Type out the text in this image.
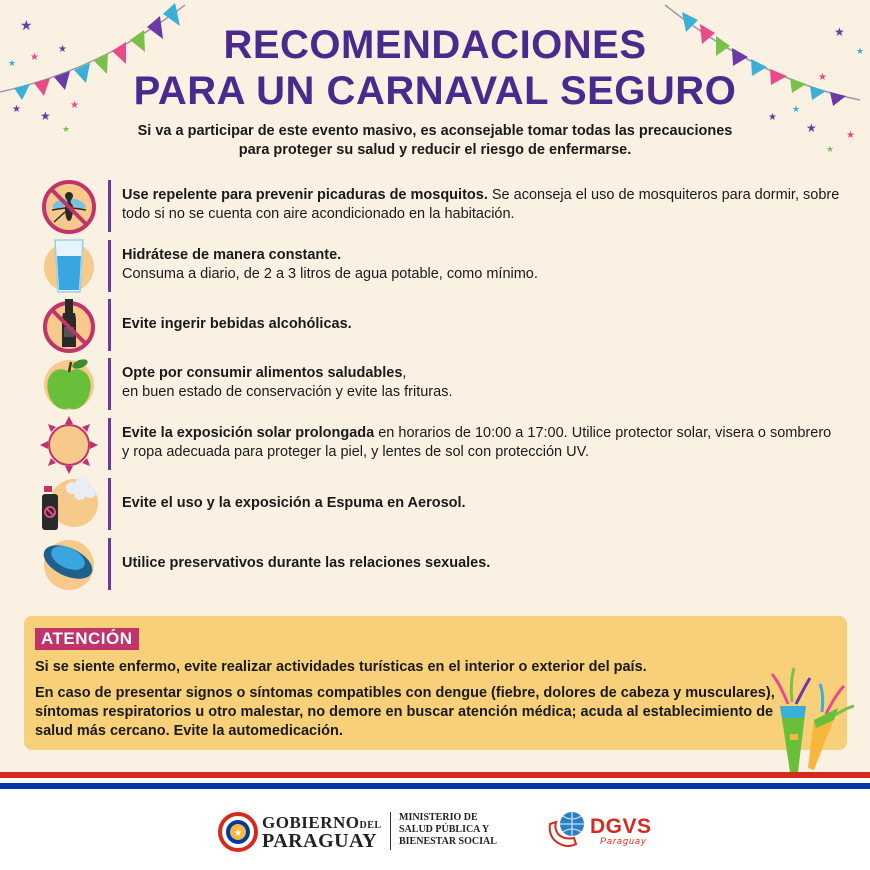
★
★
★ ★
★
★
★
★
★
★
★
★
★
★
★
★
RECOMENDACIONES
PARA UN CARNAVAL SEGURO
Si va a participar de este evento masivo, es aconsejable tomar todas las precauciones
para proteger su salud y reducir el riesgo de enfermarse.
Use repelente para prevenir picaduras de mosquitos. Se aconseja el uso de mosquiteros para dormir, sobre todo si no se cuenta con aire acondicionado en la habitación.
Hidrátese de manera constante.
Consuma a diario, de 2 a 3 litros de agua potable, como mínimo.
Evite ingerir bebidas alcohólicas.
Opte por consumir alimentos saludables,
en buen estado de conservación y evite las frituras.
Evite la exposición solar prolongada en horarios de 10:00 a 17:00. Utilice protector solar, visera o sombrero y ropa adecuada para proteger la piel, y lentes de sol con protección UV.
Evite el uso y la exposición a Espuma en Aerosol.
Utilice preservativos durante las relaciones sexuales.
ATENCIÓN
Si se siente enfermo, evite realizar actividades turísticas en el interior o exterior del país.
En caso de presentar signos o síntomas compatibles con dengue (fiebre, dolores de cabeza y musculares), síntomas respiratorios u otro malestar, no demore en buscar atención médica; acuda al establecimiento de salud más cercano. Evite la automedicación.
★
GOBIERNODEL
PARAGUAY
MINISTERIO DE
SALUD PÚBLICA Y
BIENESTAR SOCIAL
DGVS
Paraguay
